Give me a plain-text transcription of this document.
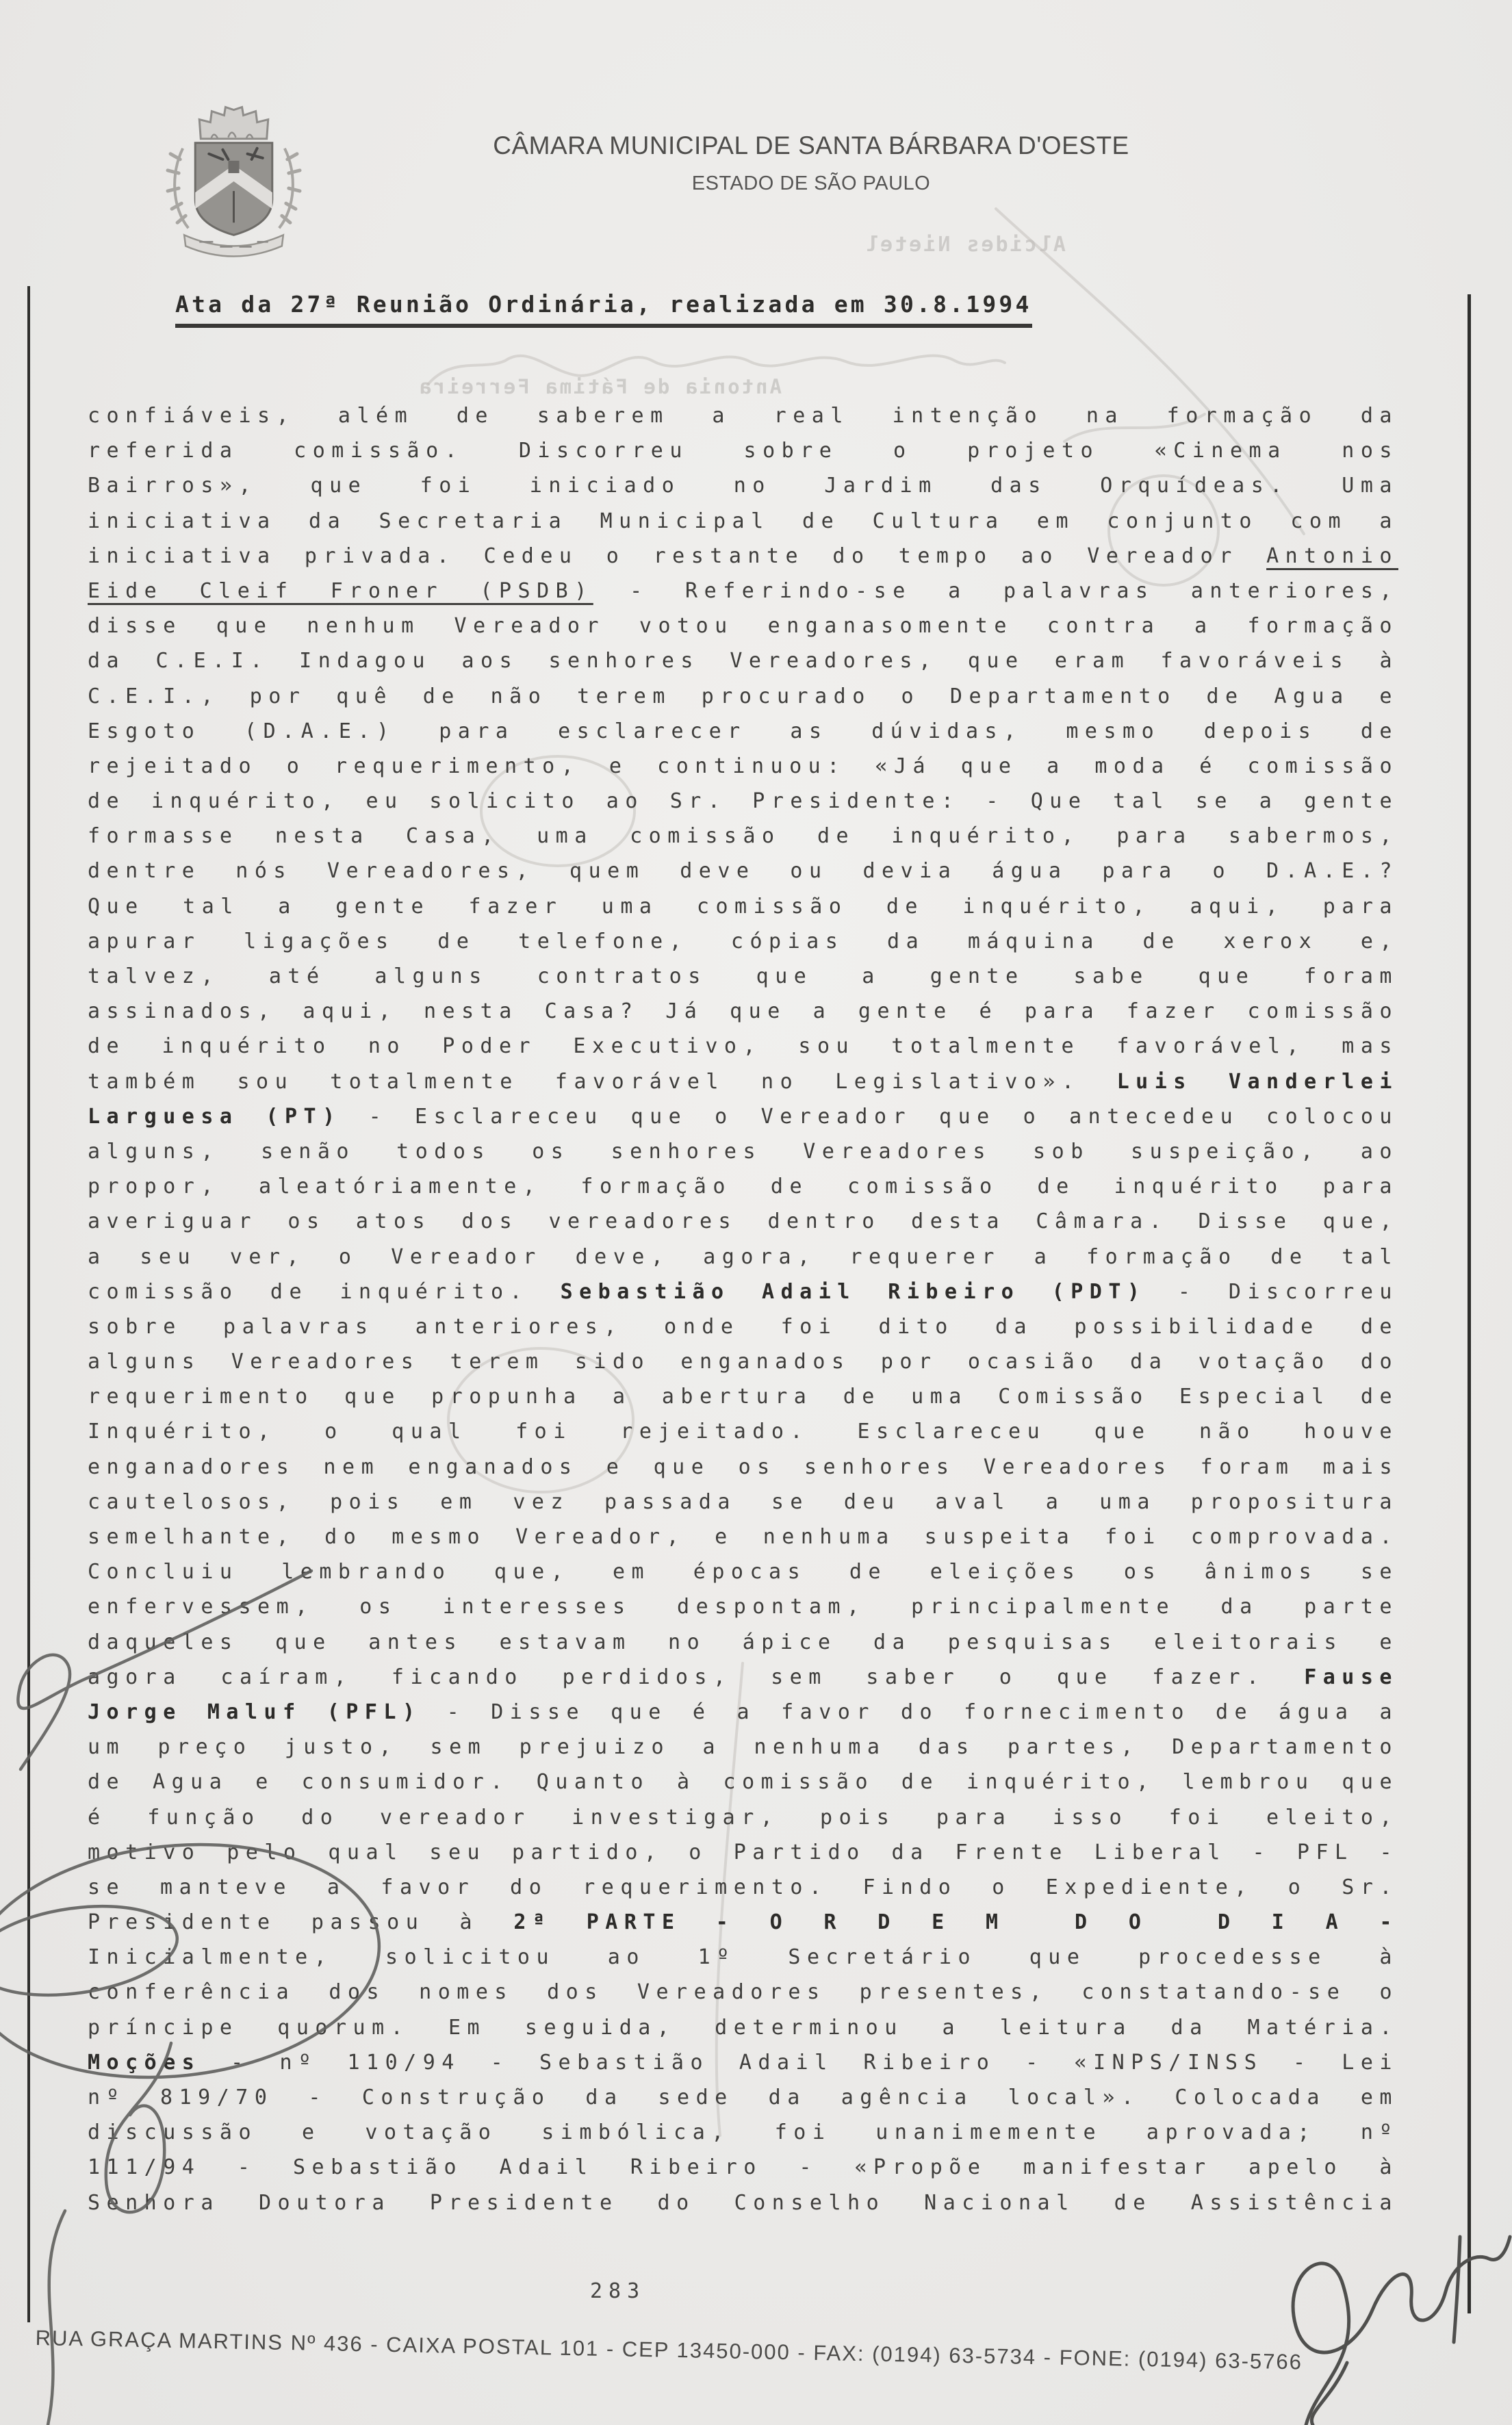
Alcides Nietel
Antonia de Fátima Ferreira
CÂMARA MUNICIPAL DE SANTA BÁRBARA D'OESTE
ESTADO DE SÃO PAULO
Ata da 27ª Reunião Ordinária, realizada em 30.8.1994
confiáveis, além de saberem a real intenção na formação da
referida comissão. Discorreu sobre o projeto «Cinema nos
Bairros», que foi iniciado no Jardim das Orquídeas. Uma
iniciativa da Secretaria Municipal de Cultura em conjunto com a
iniciativa privada. Cedeu o restante do tempo ao Vereador Antonio
Eide Cleif Froner (PSDB) - Referindo-se a palavras anteriores,
disse que nenhum Vereador votou enganasomente contra a formação
da C.E.I. Indagou aos senhores Vereadores, que eram favoráveis à
C.E.I., por quê de não terem procurado o Departamento de Agua e
Esgoto (D.A.E.) para esclarecer as dúvidas, mesmo depois de
rejeitado o requerimento, e continuou: «Já que a moda é comissão
de inquérito, eu solicito ao Sr. Presidente: - Que tal se a gente
formasse nesta Casa, uma comissão de inquérito, para sabermos,
dentre nós Vereadores, quem deve ou devia água para o D.A.E.?
Que tal a gente fazer uma comissão de inquérito, aqui, para
apurar ligações de telefone, cópias da máquina de xerox e,
talvez, até alguns contratos que a gente sabe que foram
assinados, aqui, nesta Casa? Já que a gente é para fazer comissão
de inquérito no Poder Executivo, sou totalmente favorável, mas
também sou totalmente favorável no Legislativo». Luis Vanderlei
Larguesa (PT) - Esclareceu que o Vereador que o antecedeu colocou
alguns, senão todos os senhores Vereadores sob suspeição, ao
propor, aleatóriamente, formação de comissão de inquérito para
averiguar os atos dos vereadores dentro desta Câmara. Disse que,
a seu ver, o Vereador deve, agora, requerer a formação de tal
comissão de inquérito. Sebastião Adail Ribeiro (PDT) - Discorreu
sobre palavras anteriores, onde foi dito da possibilidade de
alguns Vereadores terem sido enganados por ocasião da votação do
requerimento que propunha a abertura de uma Comissão Especial de
Inquérito, o qual foi rejeitado. Esclareceu que não houve
enganadores nem enganados e que os senhores Vereadores foram mais
cautelosos, pois em vez passada se deu aval a uma propositura
semelhante, do mesmo Vereador, e nenhuma suspeita foi comprovada.
Concluiu lembrando que, em épocas de eleições os ânimos se
enfervessem, os interesses despontam, principalmente da parte
daqueles que antes estavam no ápice da pesquisas eleitorais e
agora caíram, ficando perdidos, sem saber o que fazer. Fause
Jorge Maluf (PFL) - Disse que é a favor do fornecimento de água a
um preço justo, sem prejuizo a nenhuma das partes, Departamento
de Agua e consumidor. Quanto à comissão de inquérito, lembrou que
é função do vereador investigar, pois para isso foi eleito,
motivo pelo qual seu partido, o Partido da Frente Liberal - PFL -
se manteve a favor do requerimento. Findo o Expediente, o Sr.
Presidente passou à 2ª PARTE - O R D E M  D O  D I A -
Inicialmente, solicitou ao 1º Secretário que procedesse à
conferência dos nomes dos Vereadores presentes, constatando-se o
príncipe quorum. Em seguida, determinou a leitura da Matéria.
Moções - nº 110/94 - Sebastião Adail Ribeiro - «INPS/INSS - Lei
nº 819/70 - Construção da sede da agência local». Colocada em
discussão e votação simbólica, foi unanimemente aprovada; nº
111/94 - Sebastião Adail Ribeiro - «Propõe manifestar apelo à
Senhora Doutora Presidente do Conselho Nacional de Assistência
283
RUA GRAÇA MARTINS Nº 436 - CAIXA POSTAL 101 - CEP 13450-000 - FAX: (0194) 63-5734 - FONE: (0194) 63-5766
